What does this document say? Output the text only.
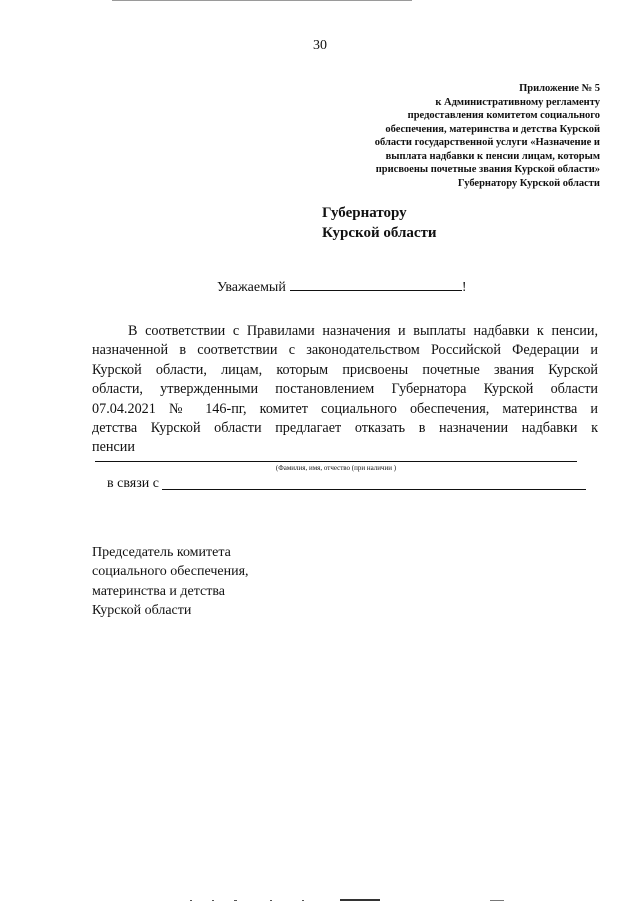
30
Приложение № 5
к Административному регламенту
предоставления комитетом социального
обеспечения, материнства и детства Курской
области государственной услуги «Назначение и
выплата надбавки к пенсии лицам, которым
присвоены почетные звания Курской области»
Губернатору Курской области
Губернатору
Курской области
Уважаемый	!
В соответствии с Правилами назначения и выплаты надбавки к пенсии,
назначенной в соответствии с законодательством Российской Федерации и
Курской области, лицам, которым присвоены почетные звания Курской
области, утвержденными постановлением Губернатора Курской области
07.04.2021 № 146-пг, комитет социального обеспечения, материнства и
детства Курской области предлагает отказать в назначении надбавки к
пенсии
(Фамилия, имя, отчество (при наличии )
в связи с
Председатель комитета
социального обеспечения,
материнства и детства
Курской области
